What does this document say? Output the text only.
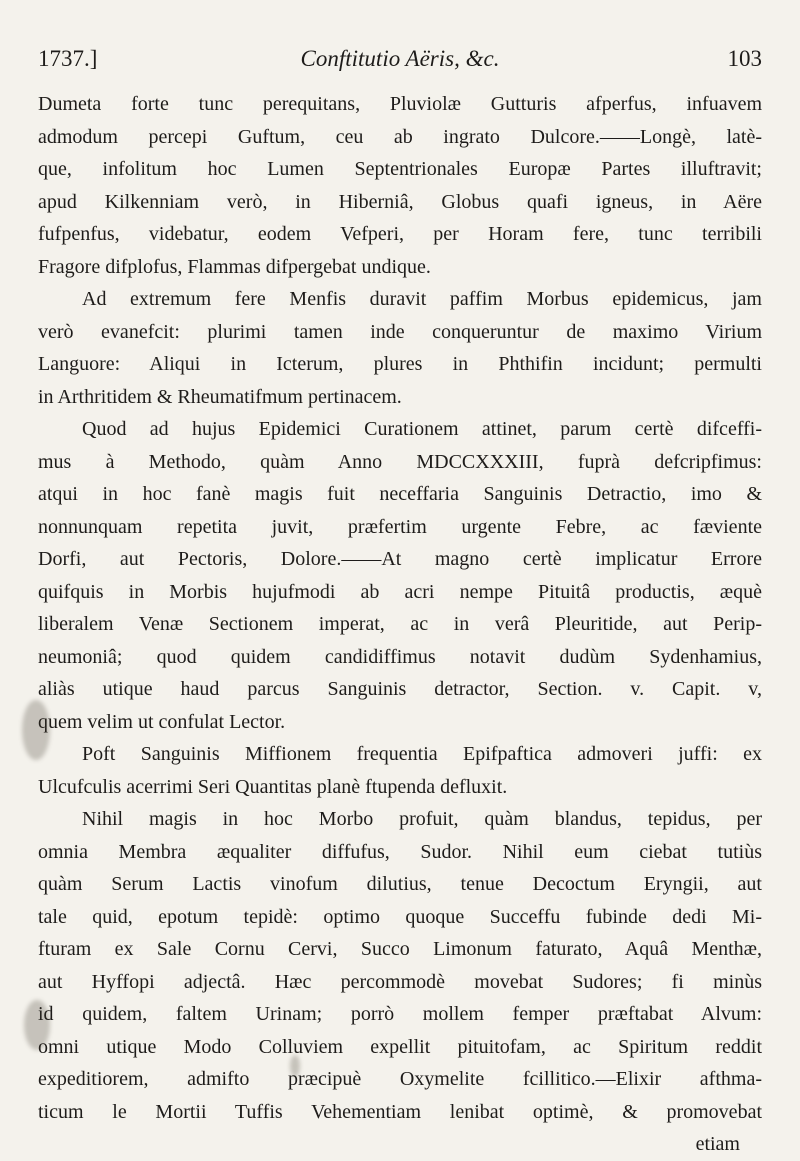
1737.]	Conftitutio Aëris, &c.	103
Dumeta forte tunc perequitans, Pluviolæ Gutturis afperfus, infuavem
admodum percepi Guftum, ceu ab ingrato Dulcore.——Longè, latè-
que, infolitum hoc Lumen Septentrionales Europæ Partes illuftravit;
apud Kilkenniam verò, in Hiberniâ, Globus quafi igneus, in Aëre
fufpenfus, videbatur, eodem Vefperi, per Horam fere, tunc terribili
Fragore difplofus, Flammas difpergebat undique.
Ad extremum fere Menfis duravit paffim Morbus epidemicus, jam
verò evanefcit: plurimi tamen inde conqueruntur de maximo Virium
Languore: Aliqui in Icterum, plures in Phthifin incidunt; permulti
in Arthritidem & Rheumatifmum pertinacem.
Quod ad hujus Epidemici Curationem attinet, parum certè difceffi-
mus à Methodo, quàm Anno MDCCXXXIII, fuprà defcripfimus:
atqui in hoc fanè magis fuit neceffaria Sanguinis Detractio, imo &
nonnunquam repetita juvit, præfertim urgente Febre, ac fæviente
Dorfi, aut Pectoris, Dolore.——At magno certè implicatur Errore
quifquis in Morbis hujufmodi ab acri nempe Pituitâ productis, æquè
liberalem Venæ Sectionem imperat, ac in verâ Pleuritide, aut Perip-
neumoniâ; quod quidem candidiffimus notavit dudùm Sydenhamius,
aliàs utique haud parcus Sanguinis detractor, Section. v. Capit. v,
quem velim ut confulat Lector.
Poft Sanguinis Miffionem frequentia Epifpaftica admoveri juffi: ex
Ulcufculis acerrimi Seri Quantitas planè ftupenda defluxit.
Nihil magis in hoc Morbo profuit, quàm blandus, tepidus, per
omnia Membra æqualiter diffufus, Sudor. Nihil eum ciebat tutiùs
quàm Serum Lactis vinofum dilutius, tenue Decoctum Eryngii, aut
tale quid, epotum tepidè: optimo quoque Succeffu fubinde dedi Mi-
fturam ex Sale Cornu Cervi, Succo Limonum faturato, Aquâ Menthæ,
aut Hyffopi adjectâ. Hæc percommodè movebat Sudores; fi minùs
id quidem, faltem Urinam; porrò mollem femper præftabat Alvum:
omni utique Modo Colluviem expellit pituitofam, ac Spiritum reddit
expeditiorem, admifto præcipuè Oxymelite fcillitico.—Elixir afthma-
ticum le Mortii Tuffis Vehementiam lenibat optimè, & promovebat
etiam
